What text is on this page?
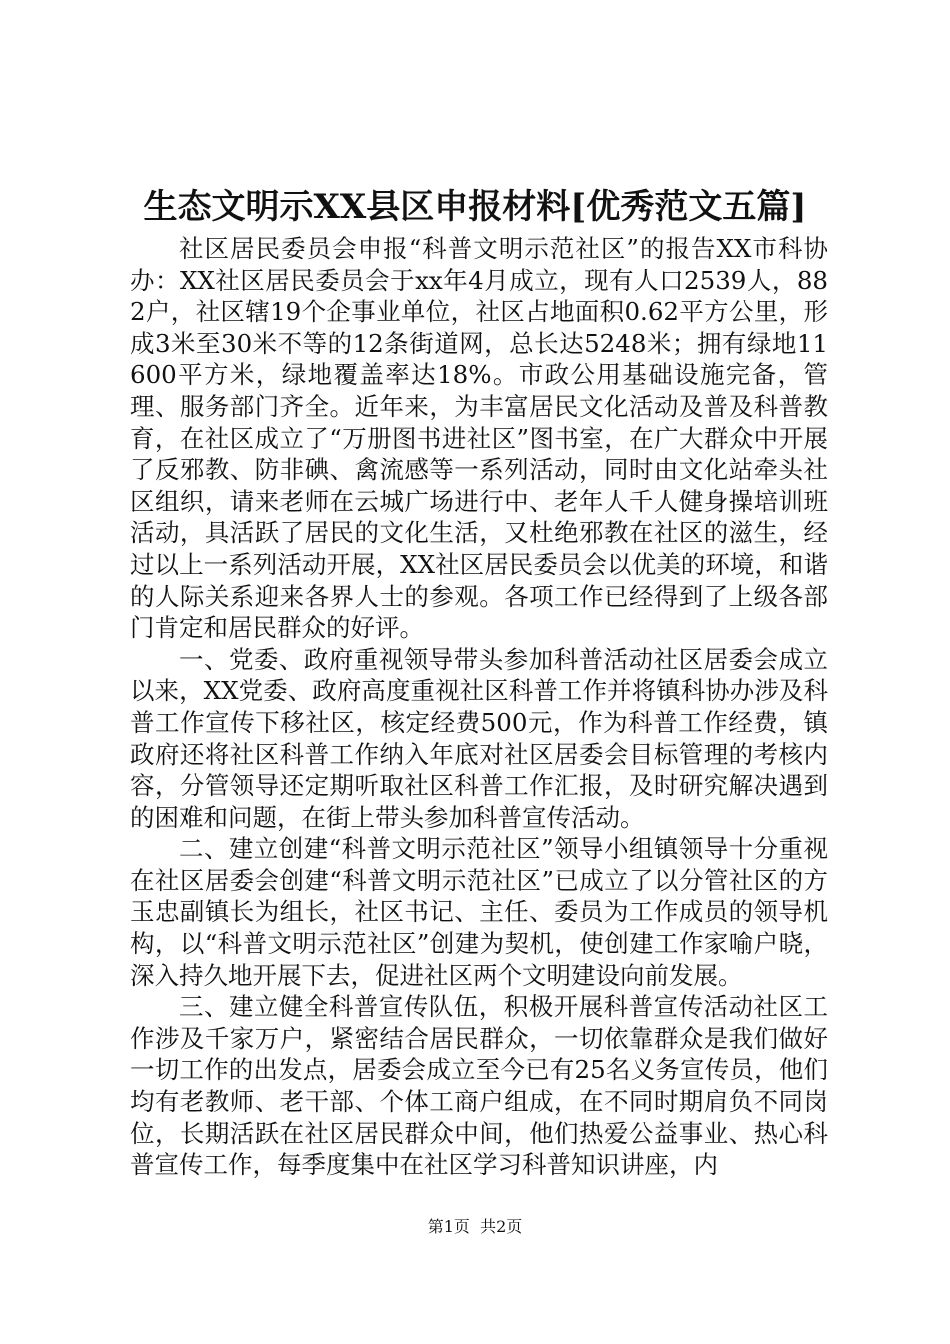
生态文明示XX县区申报材料[优秀范文五篇]

社区居民委员会申报“科普文明示范社区”的报告XX市科协办：XX社区居民委员会于xx年4月成立，现有人口2539人，882户，社区辖19个企事业单位，社区占地面积0.62平方公里，形成3米至30米不等的12条街道网，总长达5248米；拥有绿地11600平方米，绿地覆盖率达18%。市政公用基础设施完备，管理、服务部门齐全。近年来，为丰富居民文化活动及普及科普教育，在社区成立了“万册图书进社区”图书室，在广大群众中开展了反邪教、防非碘、禽流感等一系列活动，同时由文化站牵头社区组织，请来老师在云城广场进行中、老年人千人健身操培训班活动，具活跃了居民的文化生活，又杜绝邪教在社区的滋生，经过以上一系列活动开展，XX社区居民委员会以优美的环境，和谐的人际关系迎来各界人士的参观。各项工作已经得到了上级各部门肯定和居民群众的好评。

一、党委、政府重视领导带头参加科普活动社区居委会成立以来，XX党委、政府高度重视社区科普工作并将镇科协办涉及科普工作宣传下移社区，核定经费500元，作为科普工作经费，镇政府还将社区科普工作纳入年底对社区居委会目标管理的考核内容，分管领导还定期听取社区科普工作汇报，及时研究解决遇到的困难和问题，在街上带头参加科普宣传活动。

二、建立创建“科普文明示范社区”领导小组镇领导十分重视在社区居委会创建“科普文明示范社区”已成立了以分管社区的方玉忠副镇长为组长，社区书记、主任、委员为工作成员的领导机构，以“科普文明示范社区”创建为契机，使创建工作家喻户晓，深入持久地开展下去，促进社区两个文明建设向前发展。

三、建立健全科普宣传队伍，积极开展科普宣传活动社区工作涉及千家万户，紧密结合居民群众，一切依靠群众是我们做好一切工作的出发点，居委会成立至今已有25名义务宣传员，他们均有老教师、老干部、个体工商户组成，在不同时期肩负不同岗位，长期活跃在社区居民群众中间，他们热爱公益事业、热心科普宣传工作，每季度集中在社区学习科普知识讲座，内

第1页 共2页
